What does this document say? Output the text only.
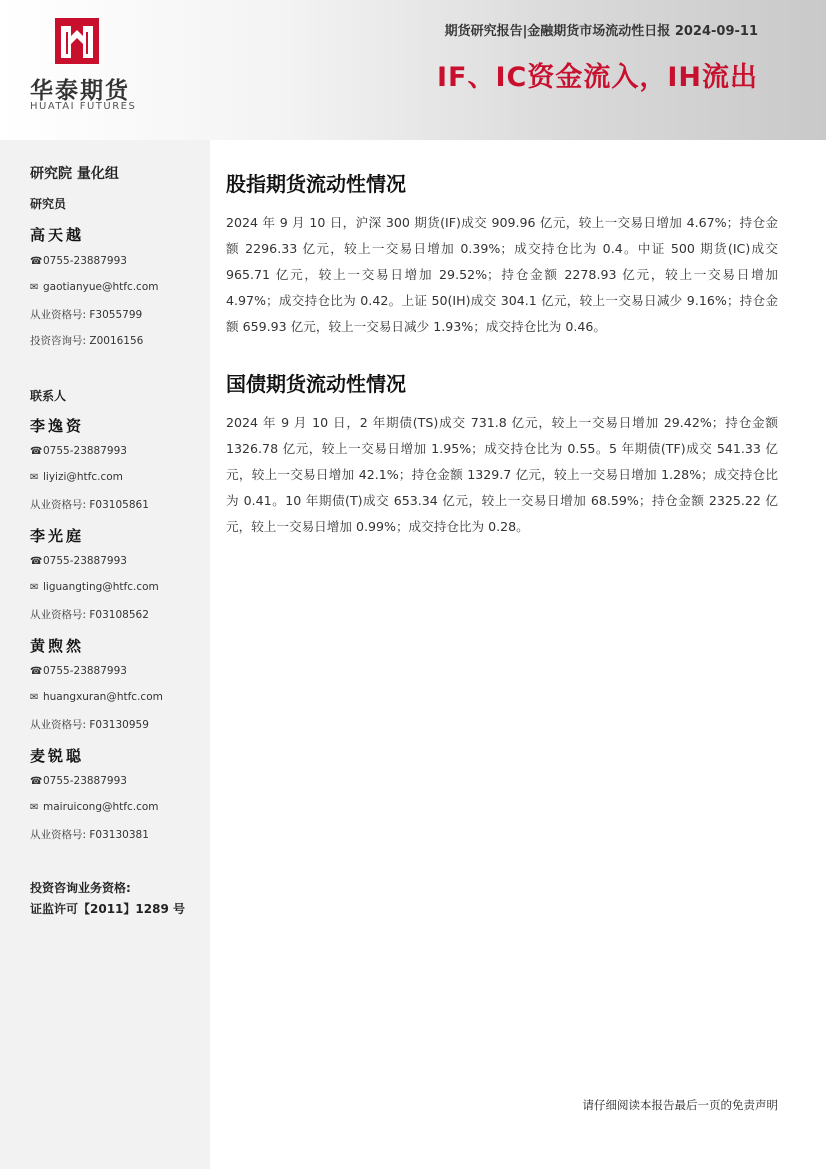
华泰期货
HUATAI FUTURES
期货研究报告|金融期货市场流动性日报 2024-09-11
IF、IC资金流入，IH流出
研究院 量化组
研究员
高天越
☎0755-23887993
✉ gaotianyue@htfc.com
从业资格号: F3055799
投资咨询号: Z0016156
联系人
李逸资
☎0755-23887993
✉ liyizi@htfc.com
从业资格号: F03105861
李光庭
☎0755-23887993
✉ liguangting@htfc.com
从业资格号: F03108562
黄煦然
☎0755-23887993
✉ huangxuran@htfc.com
从业资格号: F03130959
麦锐聪
☎0755-23887993
✉ mairuicong@htfc.com
从业资格号: F03130381
投资咨询业务资格:
证监许可【2011】1289 号
股指期货流动性情况
2024 年 9 月 10 日，沪深 300 期货(IF)成交 909.96 亿元，较上一交易日增加 4.67%；持仓金额 2296.33 亿元，较上一交易日增加 0.39%；成交持仓比为 0.4。中证 500 期货(IC)成交 965.71 亿元，较上一交易日增加 29.52%；持仓金额 2278.93 亿元，较上一交易日增加 4.97%；成交持仓比为 0.42。上证 50(IH)成交 304.1 亿元，较上一交易日减少 9.16%；持仓金额 659.93 亿元，较上一交易日减少 1.93%；成交持仓比为 0.46。
国债期货流动性情况
2024 年 9 月 10 日，2 年期债(TS)成交 731.8 亿元，较上一交易日增加 29.42%；持仓金额 1326.78 亿元，较上一交易日增加 1.95%；成交持仓比为 0.55。5 年期债(TF)成交 541.33 亿元，较上一交易日增加 42.1%；持仓金额 1329.7 亿元，较上一交易日增加 1.28%；成交持仓比为 0.41。10 年期债(T)成交 653.34 亿元，较上一交易日增加 68.59%；持仓金额 2325.22 亿元，较上一交易日增加 0.99%；成交持仓比为 0.28。
请仔细阅读本报告最后一页的免责声明
